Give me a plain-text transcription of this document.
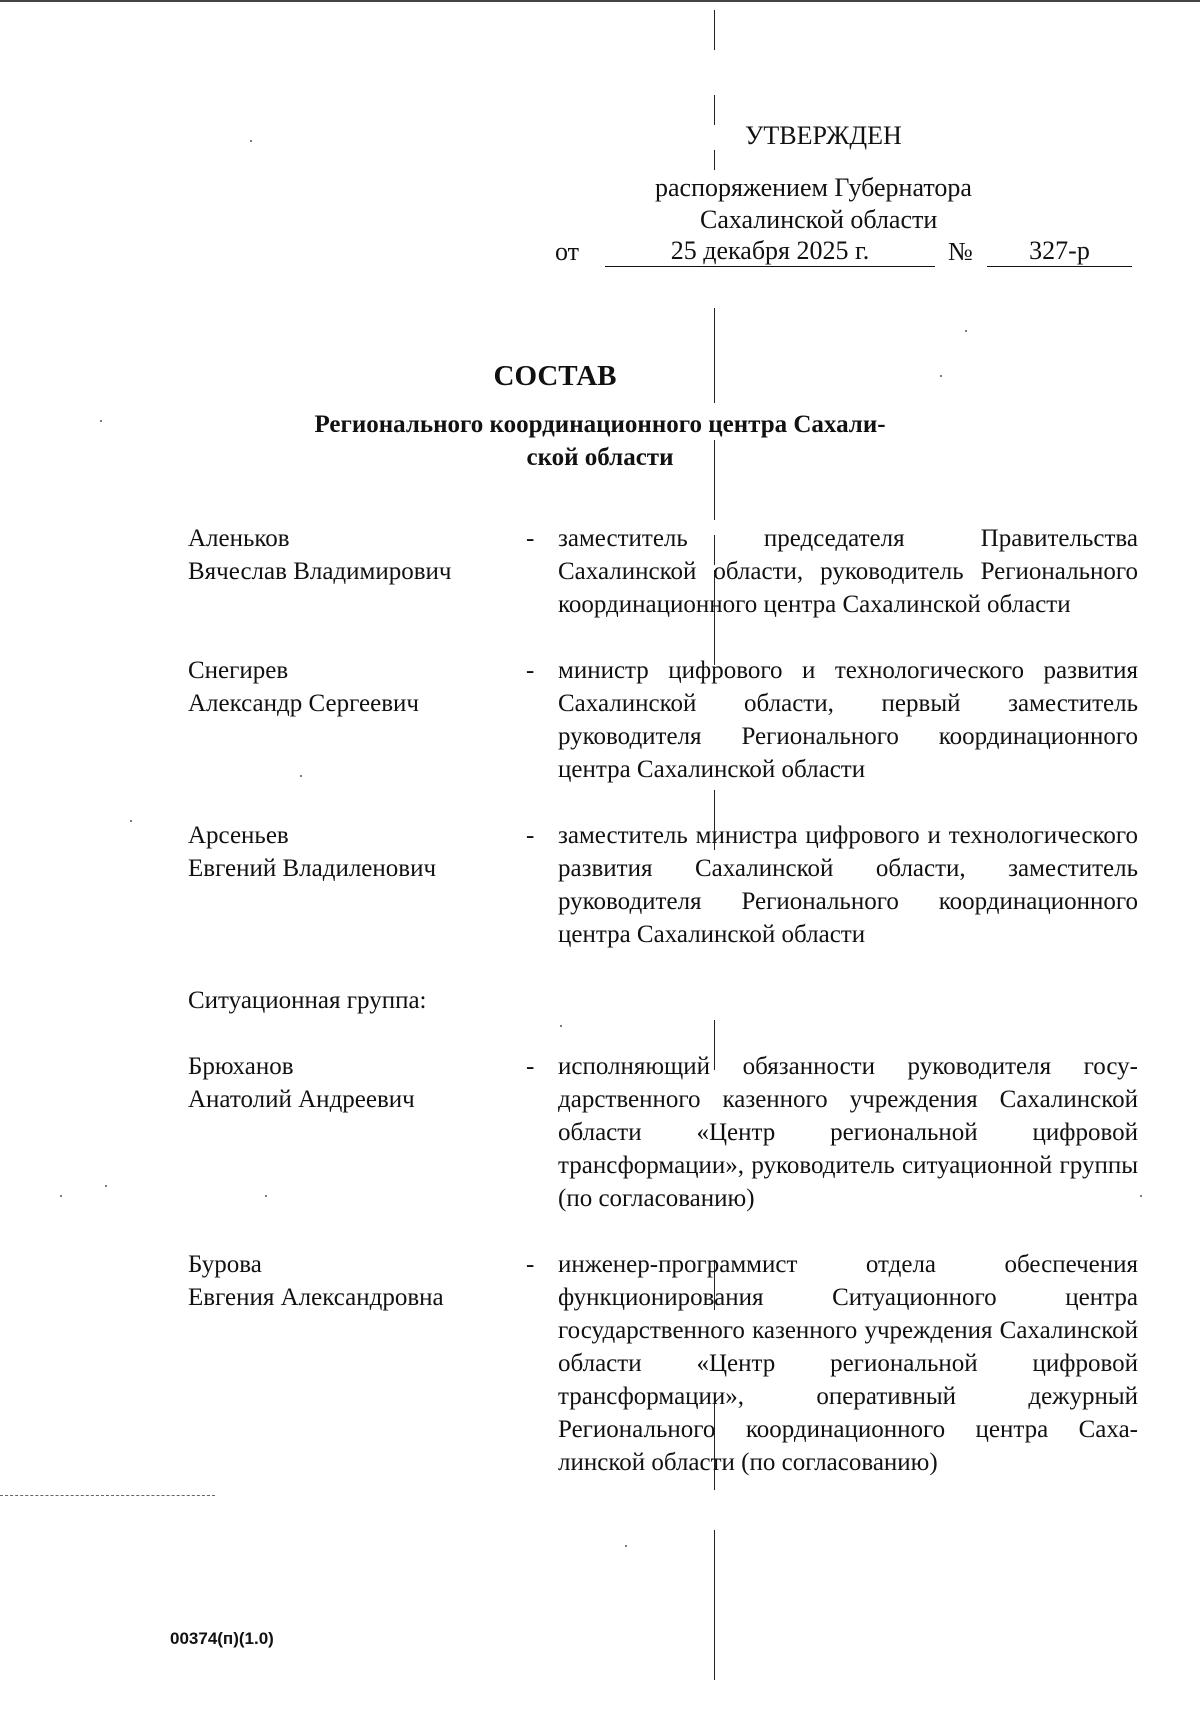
УТВЕРЖДЕН
распоряжением Губернатора
Сахалинской области
от	25 декабря 2025 г.	№	327-р
СОСТАВ
Регионального координационного центра Сахали-
ской области
Аленьков
Вячеслав Владимирович
- заместитель председателя Правительства Сахалинской области, руководитель Регионального координационного центра Сахалинской области
Снегирев
Александр Сергеевич
- министр цифрового и технологического развития Сахалинской области, первый заместитель руководителя Регионального координационного центра Сахалинской области
Арсеньев
Евгений Владиленович
- заместитель министра цифрового и технологического развития Сахалинской области, заместитель руководителя Регионального координационного центра Сахалинской области
Ситуационная группа:
Брюханов
Анатолий Андреевич
- исполняющий обязанности руководителя государственного казенного учреждения Сахалинской области «Центр региональной цифровой трансформации», руководитель ситуационной группы (по согласованию)
Бурова
Евгения Александровна
- инженер-программист отдела обеспечения функционирования Ситуационного центра государственного казенного учреждения Сахалинской области «Центр региональной цифровой трансформации», оперативный дежурный Регионального координационного центра Сахалинской области (по согласованию)
00374(п)(1.0)
